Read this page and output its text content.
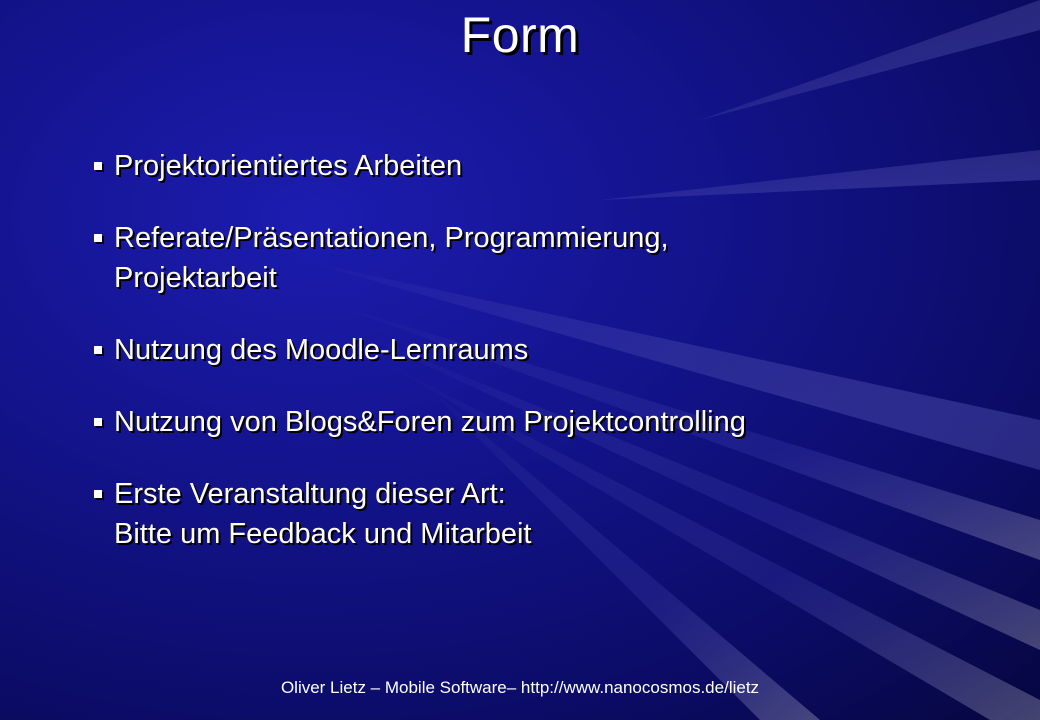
Form
Projektorientiertes Arbeiten
Referate/Präsentationen, Programmierung,
Projektarbeit
Nutzung des Moodle-Lernraums
Nutzung von Blogs&Foren zum Projektcontrolling
Erste Veranstaltung dieser Art:
Bitte um Feedback und Mitarbeit
Oliver Lietz – Mobile Software– http://www.nanocosmos.de/lietz
